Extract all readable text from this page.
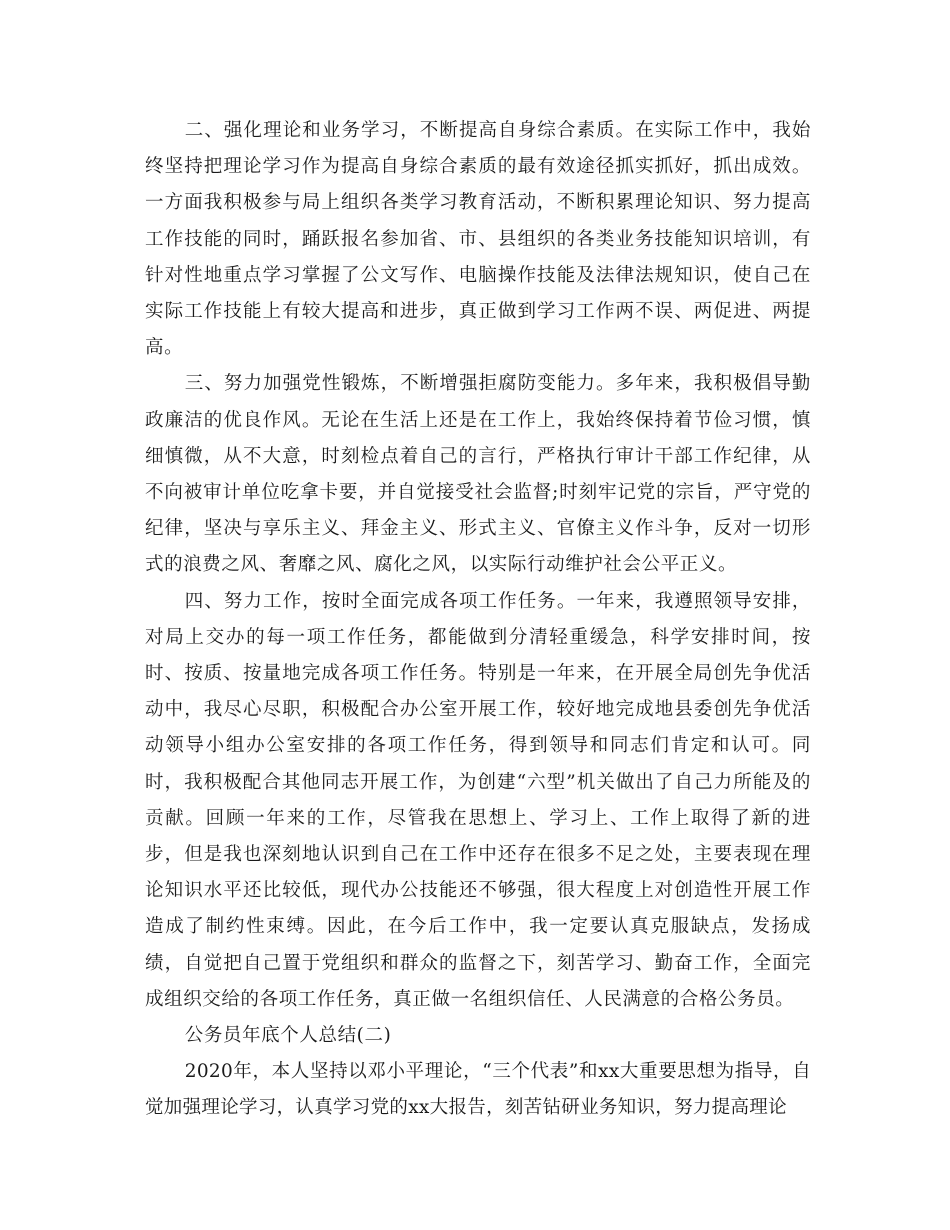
二、强化理论和业务学习，不断提高自身综合素质。在实际工作中，我始终坚持把理论学习作为提高自身综合素质的最有效途径抓实抓好，抓出成效。一方面我积极参与局上组织各类学习教育活动，不断积累理论知识、努力提高工作技能的同时，踊跃报名参加省、市、县组织的各类业务技能知识培训，有针对性地重点学习掌握了公文写作、电脑操作技能及法律法规知识，使自己在实际工作技能上有较大提高和进步，真正做到学习工作两不误、两促进、两提高。

三、努力加强党性锻炼，不断增强拒腐防变能力。多年来，我积极倡导勤政廉洁的优良作风。无论在生活上还是在工作上，我始终保持着节俭习惯，慎细慎微，从不大意，时刻检点着自己的言行，严格执行审计干部工作纪律，从不向被审计单位吃拿卡要，并自觉接受社会监督;时刻牢记党的宗旨，严守党的纪律，坚决与享乐主义、拜金主义、形式主义、官僚主义作斗争，反对一切形式的浪费之风、奢靡之风、腐化之风，以实际行动维护社会公平正义。

四、努力工作，按时全面完成各项工作任务。一年来，我遵照领导安排，对局上交办的每一项工作任务，都能做到分清轻重缓急，科学安排时间，按时、按质、按量地完成各项工作任务。特别是一年来，在开展全局创先争优活动中，我尽心尽职，积极配合办公室开展工作，较好地完成地县委创先争优活动领导小组办公室安排的各项工作任务，得到领导和同志们肯定和认可。同时，我积极配合其他同志开展工作，为创建“六型”机关做出了自己力所能及的贡献。回顾一年来的工作，尽管我在思想上、学习上、工作上取得了新的进步，但是我也深刻地认识到自己在工作中还存在很多不足之处，主要表现在理论知识水平还比较低，现代办公技能还不够强，很大程度上对创造性开展工作造成了制约性束缚。因此，在今后工作中，我一定要认真克服缺点，发扬成绩，自觉把自己置于党组织和群众的监督之下，刻苦学习、勤奋工作，全面完成组织交给的各项工作任务，真正做一名组织信任、人民满意的合格公务员。

公务员年底个人总结(二)

2020年，本人坚持以邓小平理论，“三个代表”和xx大重要思想为指导，自觉加强理论学习，认真学习党的xx大报告，刻苦钻研业务知识，努力提高理论
